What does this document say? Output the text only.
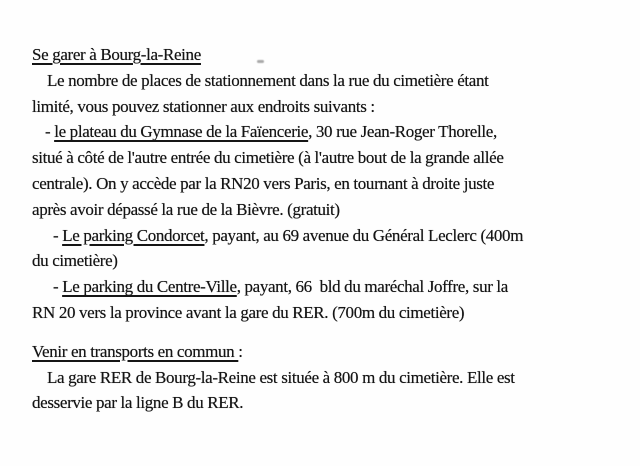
Se garer à Bourg-la-Reine
Le nombre de places de stationnement dans la rue du cimetière étant
limité, vous pouvez stationner aux endroits suivants :
- le plateau du Gymnase de la Faïencerie, 30 rue Jean-Roger Thorelle,
situé à côté de l'autre entrée du cimetière (à l'autre bout de la grande allée
centrale). On y accède par la RN20 vers Paris, en tournant à droite juste
après avoir dépassé la rue de la Bièvre. (gratuit)
- Le parking Condorcet, payant, au 69 avenue du Général Leclerc (400m
du cimetière)
- Le parking du Centre-Ville, payant, 66  bld du maréchal Joffre, sur la
RN 20 vers la province avant la gare du RER. (700m du cimetière)
Venir en transports en commun :
La gare RER de Bourg-la-Reine est située à 800 m du cimetière. Elle est
desservie par la ligne B du RER.
